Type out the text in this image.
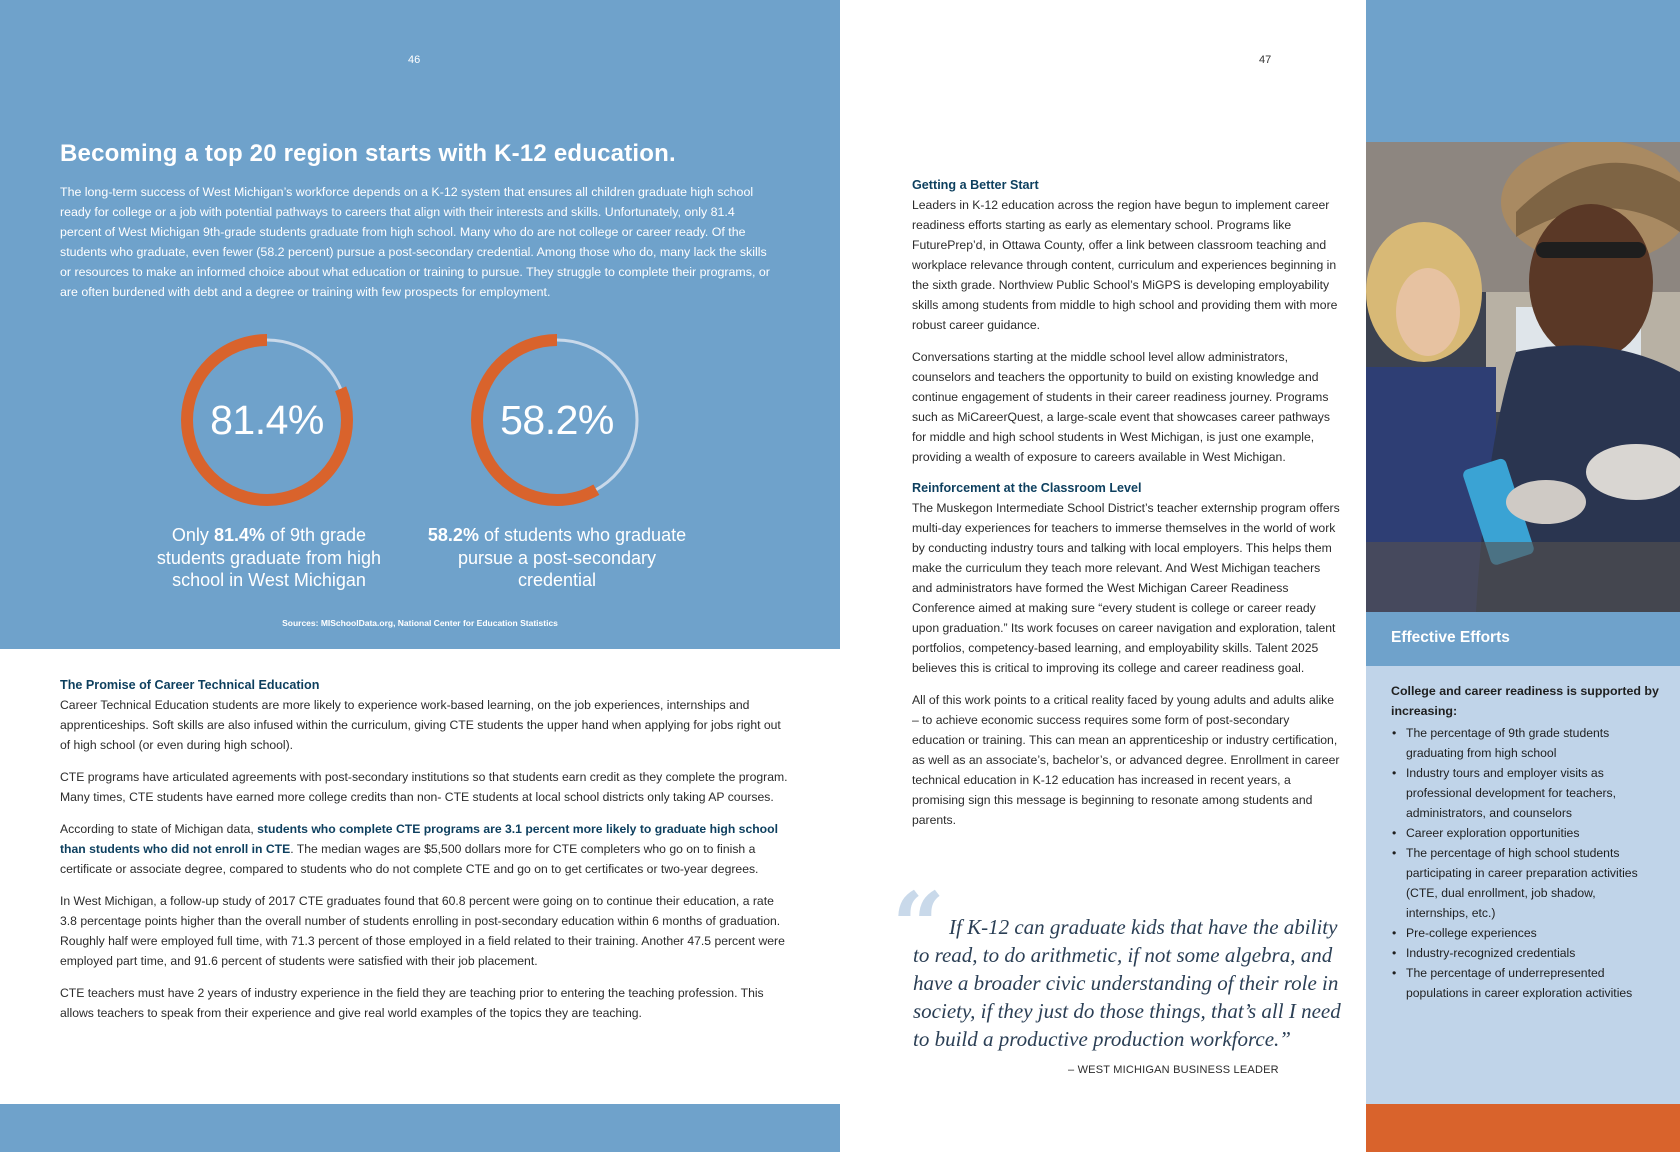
46	47
Becoming a top 20 region starts with K-12 education.

The long-term success of West Michigan’s workforce depends on a K-12 system that ensures all children graduate high school ready for college or a job with potential pathways to careers that align with their interests and skills. Unfortunately, only 81.4 percent of West Michigan 9th-grade students graduate from high school. Many who do are not college or career ready. Of the students who graduate, even fewer (58.2 percent) pursue a post-secondary credential. Among those who do, many lack the skills or resources to make an informed choice about what education or training to pursue. They struggle to complete their programs, or are often burdened with debt and a degree or training with few prospects for employment.

81.4%
Only 81.4% of 9th grade students graduate from high school in West Michigan
58.2%
58.2% of students who graduate pursue a post-secondary credential
Sources: MISchoolData.org, National Center for Education Statistics
The Promise of Career Technical Education

Career Technical Education students are more likely to experience work-based learning, on the job experiences, internships and apprenticeships. Soft skills are also infused within the curriculum, giving CTE students the upper hand when applying for jobs right out of high school (or even during high school).

CTE programs have articulated agreements with post-secondary institutions so that students earn credit as they complete the program. Many times, CTE students have earned more college credits than non- CTE students at local school districts only taking AP courses.

According to state of Michigan data, students who complete CTE programs are 3.1 percent more likely to graduate high school than students who did not enroll in CTE. The median wages are $5,500 dollars more for CTE completers who go on to finish a certificate or associate degree, compared to students who do not complete CTE and go on to get certificates or two-year degrees.

In West Michigan, a follow-up study of 2017 CTE graduates found that 60.8 percent were going on to continue their education, a rate 3.8 percentage points higher than the overall number of students enrolling in post-secondary education within 6 months of graduation. Roughly half were employed full time, with 71.3 percent of those employed in a field related to their training. Another 47.5 percent were employed part time, and 91.6 percent of students were satisfied with their job placement.

CTE teachers must have 2 years of industry experience in the field they are teaching prior to entering the teaching profession. This allows teachers to speak from their experience and give real world examples of the topics they are teaching.

Getting a Better Start

Leaders in K-12 education across the region have begun to implement career readiness efforts starting as early as elementary school. Programs like FuturePrep’d, in Ottawa County, offer a link between classroom teaching and workplace relevance through content, curriculum and experiences beginning in the sixth grade. Northview Public School’s MiGPS is developing employability skills among students from middle to high school and providing them with more robust career guidance.

Conversations starting at the middle school level allow administrators, counselors and teachers the opportunity to build on existing knowledge and continue engagement of students in their career readiness journey. Programs such as MiCareerQuest, a large-scale event that showcases career pathways for middle and high school students in West Michigan, is just one example, providing a wealth of exposure to careers available in West Michigan.

Reinforcement at the Classroom Level

The Muskegon Intermediate School District’s teacher externship program offers multi-day experiences for teachers to immerse themselves in the world of work by conducting industry tours and talking with local employers. This helps them make the curriculum they teach more relevant. And West Michigan teachers and administrators have formed the West Michigan Career Readiness Conference aimed at making sure “every student is college or career ready upon graduation.” Its work focuses on career navigation and exploration, talent portfolios, competency-based learning, and employability skills. Talent 2025 believes this is critical to improving its college and career readiness goal.

All of this work points to a critical reality faced by young adults and adults alike – to achieve economic success requires some form of post-secondary education or training. This can mean an apprenticeship or industry certification, as well as an associate’s, bachelor’s, or advanced degree. Enrollment in career technical education in K-12 education has increased in recent years, a promising sign this message is beginning to resonate among students and parents.

“ If K-12 can graduate kids that have the ability to read, to do arithmetic, if not some algebra, and have a broader civic understanding of their role in society, if they just do those things, that’s all I need to build a productive production workforce.”
– WEST MICHIGAN BUSINESS LEADER
Effective Efforts
College and career readiness is supported by increasing:
• The percentage of 9th grade students graduating from high school
• Industry tours and employer visits as professional development for teachers, administrators, and counselors
• Career exploration opportunities
• The percentage of high school students participating in career preparation activities (CTE, dual enrollment, job shadow, internships, etc.)
• Pre-college experiences
• Industry-recognized credentials
• The percentage of underrepresented populations in career exploration activities
